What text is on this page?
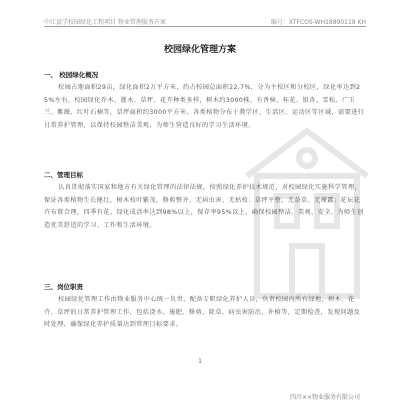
中江县学校园绿化工程项目 物业管理服务方案	编号：XTFCOS-WH18890118 KH
校园绿化管理方案
一、 校园绿化概况
校园占地面积29亩，绿化面积2万平方米，约占校园总面积22.7%，分为主校区和分校区，绿化率达到25%左右。校园绿化乔木、灌木、草坪、花卉种类多样，树木约3000株，有香樟、桂花、银杏、雪松、广玉兰、紫薇、红叶石楠等，草坪面积约3000平方米。各类植物分布于教学区、生活区、运动区等区域，需要进行日常养护管理，以保持校园整洁美观，为师生营造良好的学习生活环境。
二、管理目标
认真贯彻落实国家和地方有关绿化管理的法律法规，按照绿化养护技术规范，对校园绿化实施科学管理，保证各类植物生长健壮，树木枝叶繁茂、修剪整齐、无病虫害、无枯枝；草坪平整、无杂草、无裸露；花坛花卉布置合理，四季有花。绿化成活率达到98%以上，保存率95%以上，确保校园整洁、美观、安全，为师生创造优美舒适的学习、工作和生活环境。
三、岗位职责
校园绿化管理工作由物业服务中心统一负责，配备专职绿化养护人员，负责校园内所有绿地、树木、花卉、草坪的日常养护管理工作，包括浇水、施肥、修剪、除草、病虫害防治、补植等，定期检查，发现问题及时处理，确保绿化养护质量达到管理目标要求。
1
四川××物业服务有限公司
